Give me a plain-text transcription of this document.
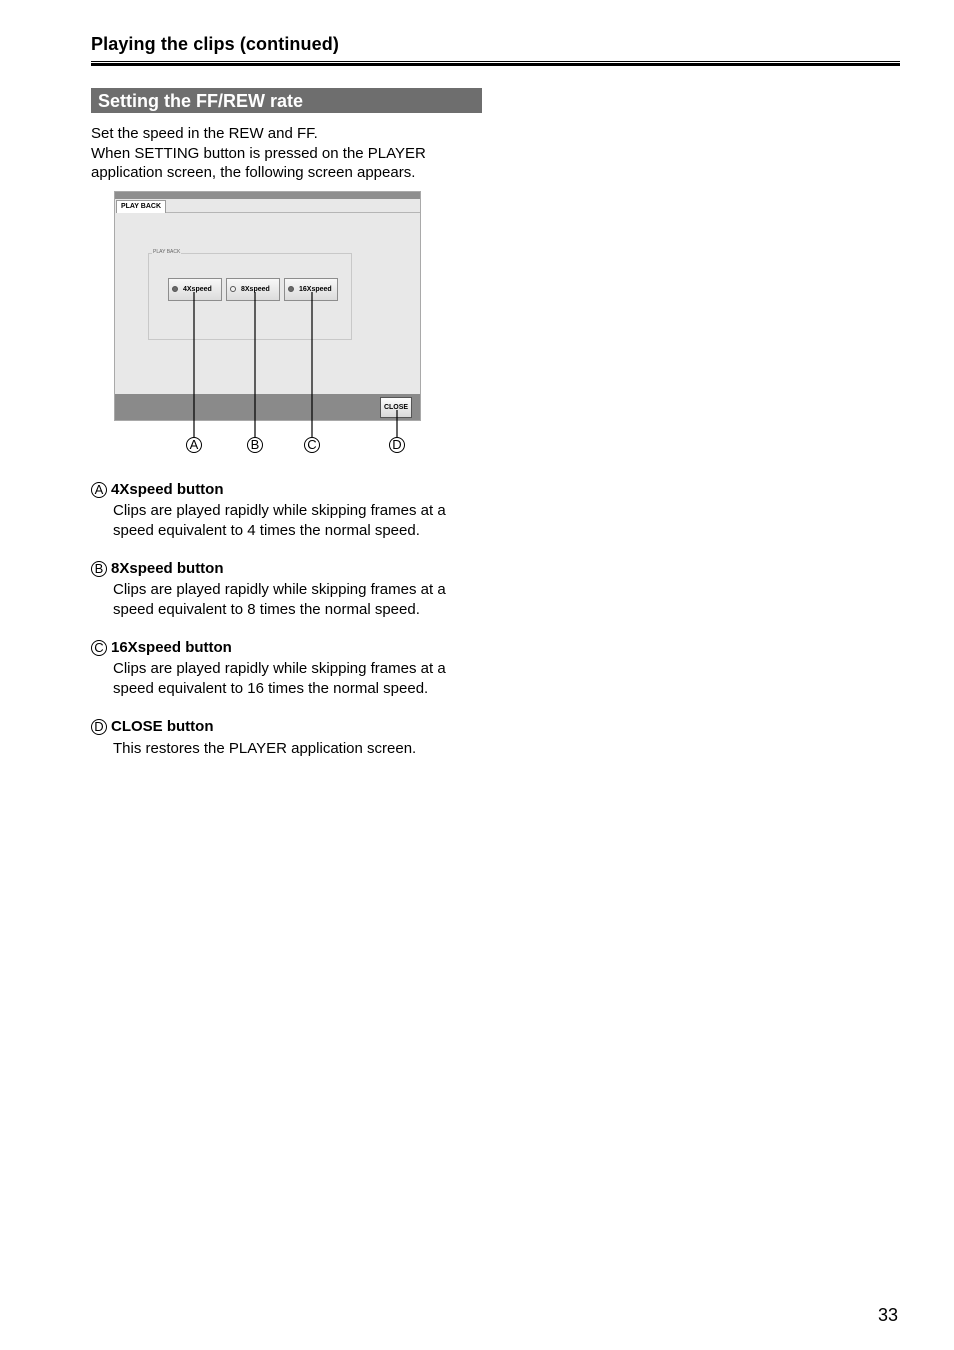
Playing the clips (continued)
Setting the FF/REW rate
Set the speed in the REW and FF.
When SETTING button is pressed on the PLAYER
application screen, the following screen appears.
PLAY BACK
PLAY BACK
4Xspeed	8Xspeed	16Xspeed
CLOSE
A	B	C	D
A 4Xspeed button
Clips are played rapidly while skipping frames at a
speed equivalent to 4 times the normal speed.
B 8Xspeed button
Clips are played rapidly while skipping frames at a
speed equivalent to 8 times the normal speed.
C 16Xspeed button
Clips are played rapidly while skipping frames at a
speed equivalent to 16 times the normal speed.
D CLOSE button
This restores the PLAYER application screen.
33
